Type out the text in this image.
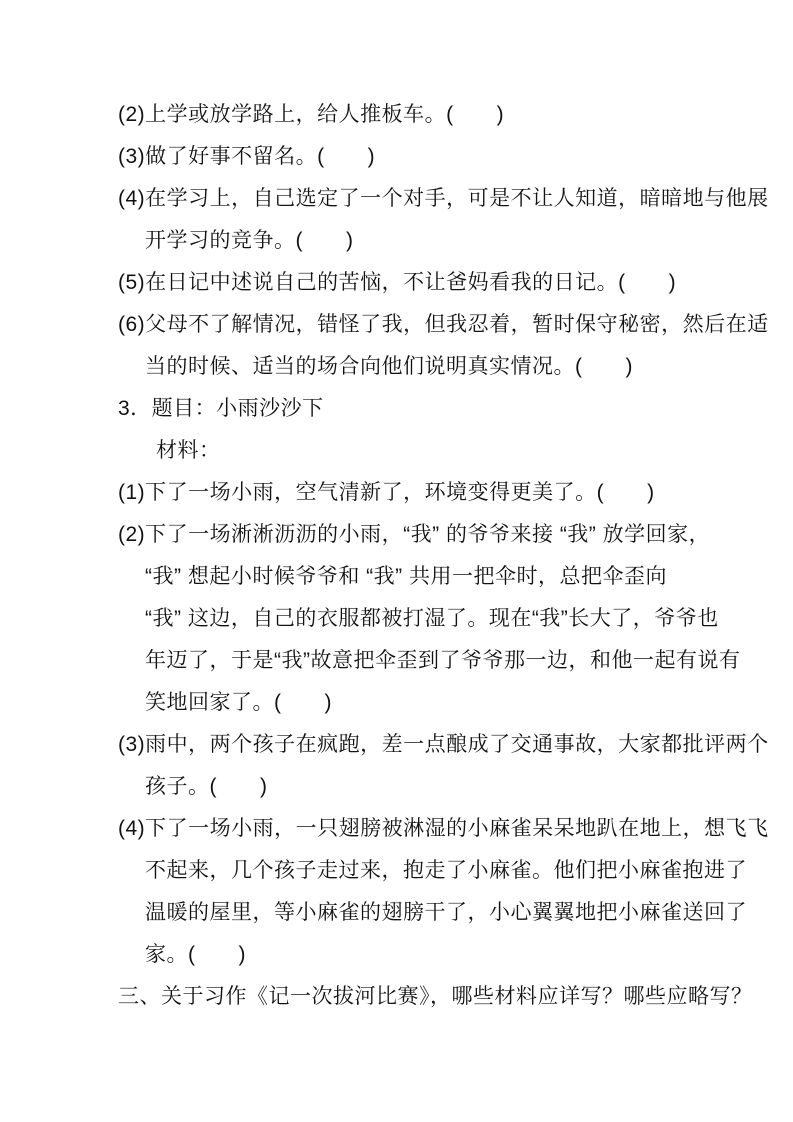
(2)上学或放学路上，给人推板车。(　　)
(3)做了好事不留名。(　　)
(4)在学习上，自己选定了一个对手，可是不让人知道，暗暗地与他展
开学习的竞争。(　　)
(5)在日记中述说自己的苦恼，不让爸妈看我的日记。(　　)
(6)父母不了解情况，错怪了我，但我忍着，暂时保守秘密，然后在适
当的时候、适当的场合向他们说明真实情况。(　　)
3．题目：小雨沙沙下
材料：
(1)下了一场小雨，空气清新了，环境变得更美了。(　　)
(2)下了一场淅淅沥沥的小雨，“我” 的爷爷来接 “我” 放学回家，
“我” 想起小时候爷爷和 “我” 共用一把伞时，总把伞歪向
“我” 这边，自己的衣服都被打湿了。现在“我”长大了，爷爷也
年迈了，于是“我”故意把伞歪到了爷爷那一边，和他一起有说有
笑地回家了。(　　)
(3)雨中，两个孩子在疯跑，差一点酿成了交通事故，大家都批评两个
孩子。(　　)
(4)下了一场小雨，一只翅膀被淋湿的小麻雀呆呆地趴在地上，想飞飞
不起来，几个孩子走过来，抱走了小麻雀。他们把小麻雀抱进了
温暖的屋里，等小麻雀的翅膀干了，小心翼翼地把小麻雀送回了
家。(　　)
三、关于习作《记一次拔河比赛》，哪些材料应详写？哪些应略写？
